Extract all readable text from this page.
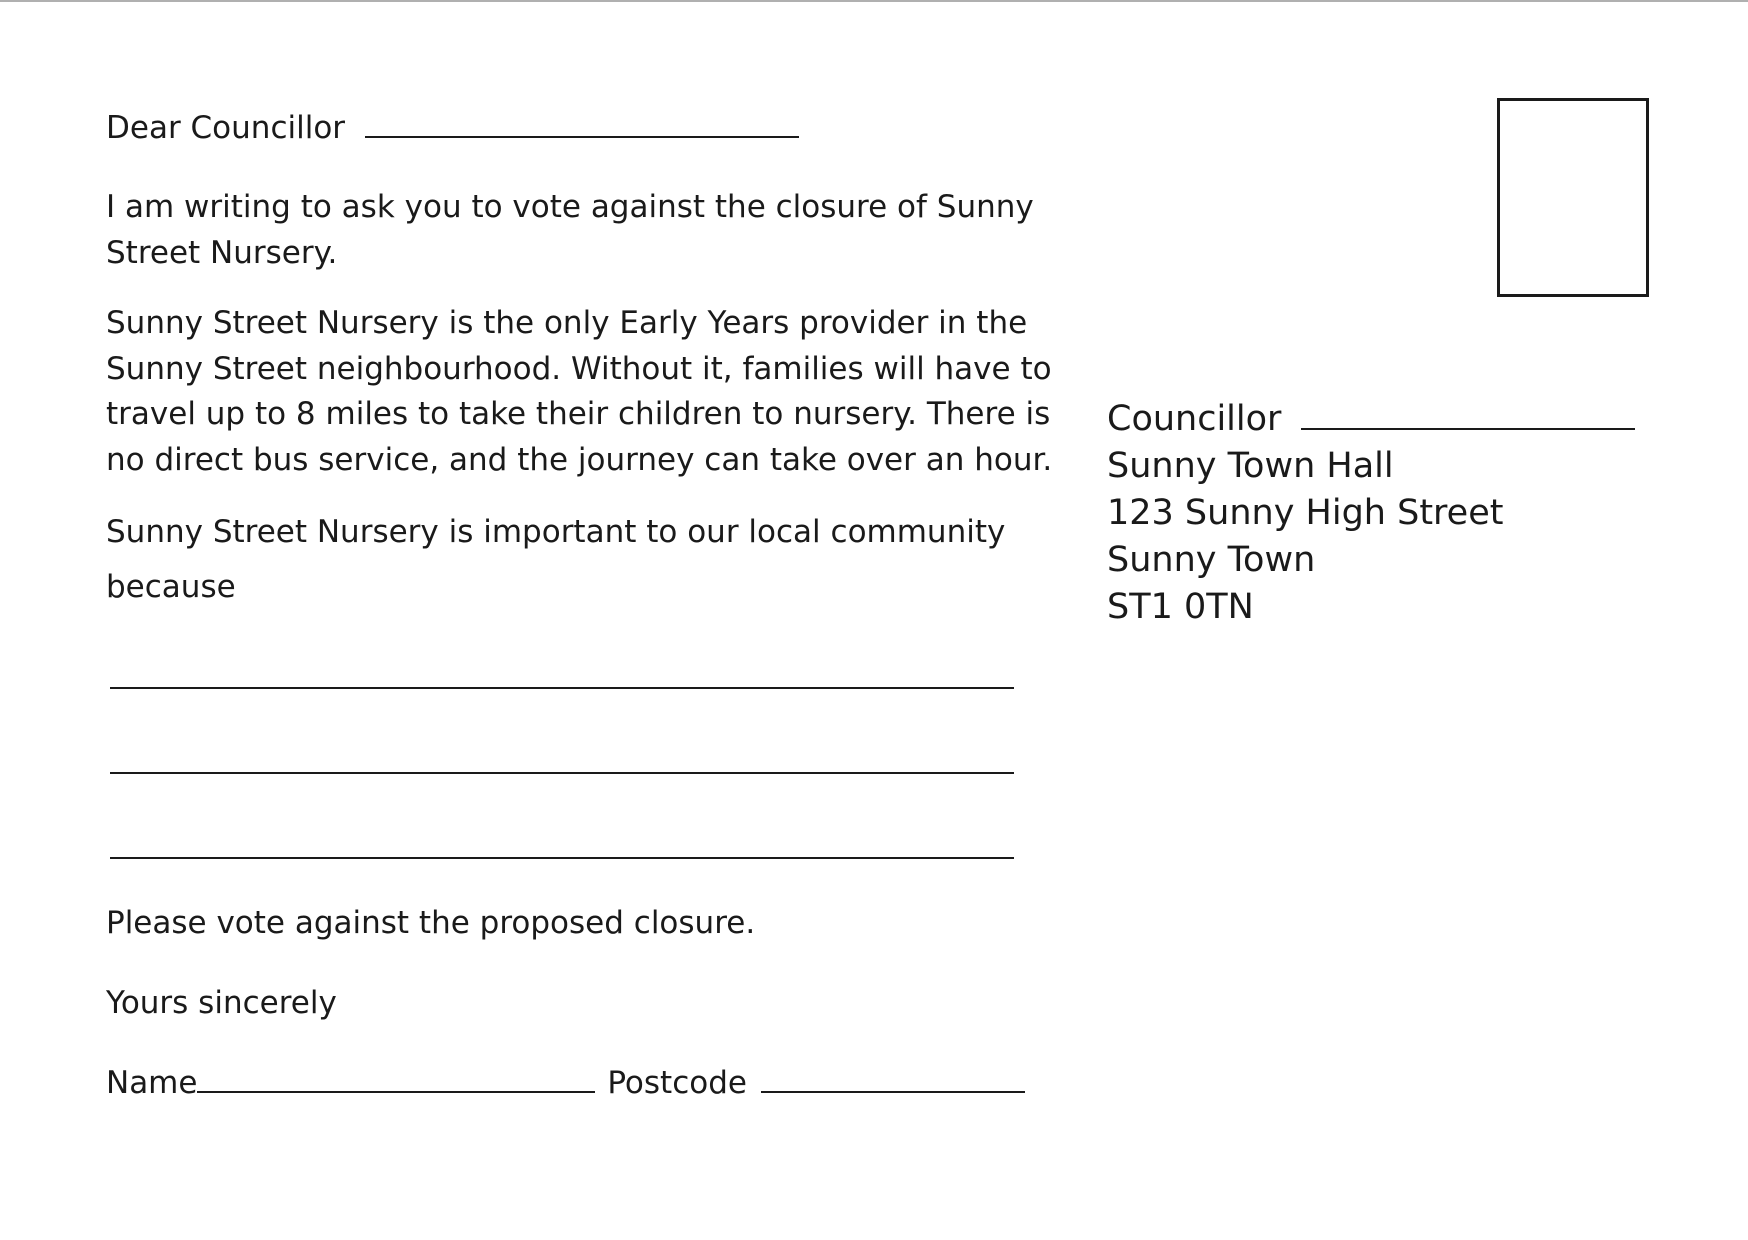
Dear Councillor
I am writing to ask you to vote against the closure of Sunny
Street Nursery.
Sunny Street Nursery is the only Early Years provider in the
Sunny Street neighbourhood. Without it, families will have to
travel up to 8 miles to take their children to nursery. There is
no direct bus service, and the journey can take over an hour.
Sunny Street Nursery is important to our local community
because
Please vote against the proposed closure.
Yours sincerely
Name	Postcode
Councillor
Sunny Town Hall
123 Sunny High Street
Sunny Town
ST1 0TN
